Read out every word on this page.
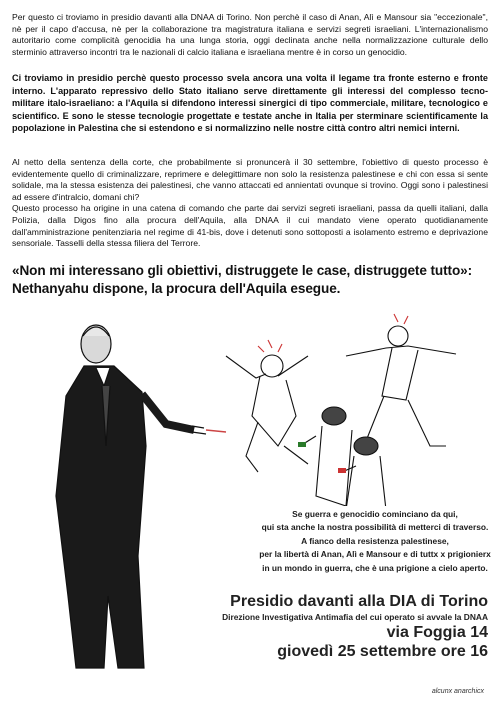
Per questo ci troviamo in presidio davanti alla DNAA di Torino. Non perchè il caso di Anan, Alì e Mansour sia "eccezionale", nè per il capo d'accusa, nè per la collaborazione tra magistratura italiana e servizi segreti israeliani. L'internazionalismo autoritario come complicità genocidia ha una lunga storia, oggi declinata anche nella normalizzazione culturale dello sterminio attraverso incontri tra le nazionali di calcio italiana e israeliana mentre è in corso un genocidio.

Ci troviamo in presidio perchè questo processo svela ancora una volta il legame tra fronte esterno e fronte interno. L'apparato repressivo dello Stato italiano serve direttamente gli interessi del complesso tecno-militare italo-israeliano: a l'Aquila si difendono interessi sinergici di tipo commerciale, militare, tecnologico e scientifico. E sono le stesse tecnologie progettate e testate anche in Italia per sterminare scientificamente la popolazione in Palestina che si estendono e si normalizzino nelle nostre città contro altri nemici interni.

Al netto della sentenza della corte, che probabilmente si pronuncerà il 30 settembre, l'obiettivo di questo processo è evidentemente quello di criminalizzare, reprimere e delegittimare non solo la resistenza palestinese e chi con essa si sente solidale, ma la stessa esistenza dei palestinesi, che vanno attaccati ed annientati ovunque si trovino. Oggi sono i palestinesi ad essere d'intralcio, domani chi?
Questo processo ha origine in una catena di comando che parte dai servizi segreti israeliani, passa da quelli italiani, dalla Polizia, dalla Digos fino alla procura dell'Aquila, alla DNAA il cui mandato viene operato quotidianamente dall'amministrazione penitenziaria nel regime di 41-bis, dove i detenuti sono sottoposti a isolamento estremo e deprivazione sensoriale. Tasselli della stessa filiera del Terrore.

«Non mi interessano gli obiettivi, distruggete le case, distruggete tutto»: Nethanyahu dispone, la procura dell'Aquila esegue.

Se guerra e genocidio cominciano da qui,
qui sta anche la nostra possibilità di metterci di traverso.
A fianco della resistenza palestinese,
per la libertà di Anan, Alì e Mansour e di tuttx x prigionierx
in un mondo in guerra, che è una prigione a cielo aperto.
Presidio davanti alla DIA di Torino
Direzione Investigativa Antimafia del cui operato si avvale la DNAA
via Foggia 14
giovedì 25 settembre ore 16
alcunx anarchicx
